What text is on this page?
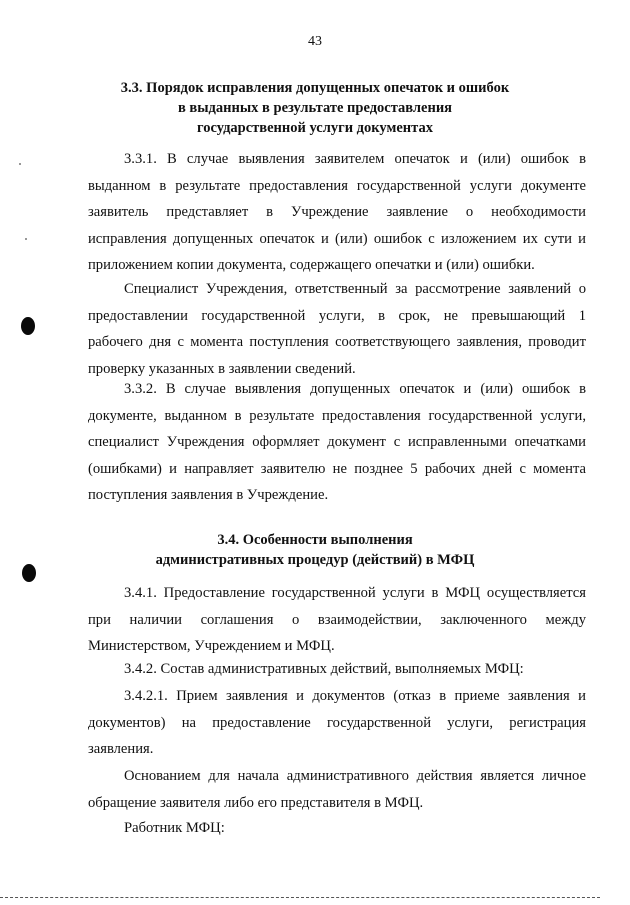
43
3.3. Порядок исправления допущенных опечаток и ошибок
в выданных в результате предоставления
государственной услуги документах

3.3.1. В случае выявления заявителем опечаток и (или) ошибок в
выданном в результате предоставления государственной услуги документе
заявитель представляет в Учреждение заявление о необходимости
исправления допущенных опечаток и (или) ошибок с изложением их сути и
приложением копии документа, содержащего опечатки и (или) ошибки.

Специалист Учреждения, ответственный за рассмотрение заявлений о
предоставлении государственной услуги, в срок, не превышающий 1
рабочего дня с момента поступления соответствующего заявления, проводит
проверку указанных в заявлении сведений.

3.3.2. В случае выявления допущенных опечаток и (или) ошибок в
документе, выданном в результате предоставления государственной услуги,
специалист Учреждения оформляет документ с исправленными опечатками
(ошибками) и направляет заявителю не позднее 5 рабочих дней с момента
поступления заявления в Учреждение.

3.4. Особенности выполнения
административных процедур (действий) в МФЦ

3.4.1. Предоставление государственной услуги в МФЦ осуществляется
при наличии соглашения о взаимодействии, заключенного между
Министерством, Учреждением и МФЦ.

3.4.2. Состав административных действий, выполняемых МФЦ:

3.4.2.1. Прием заявления и документов (отказ в приеме заявления и
документов) на предоставление государственной услуги, регистрация
заявления.

Основанием для начала административного действия является личное
обращение заявителя либо его представителя в МФЦ.

Работник МФЦ:
